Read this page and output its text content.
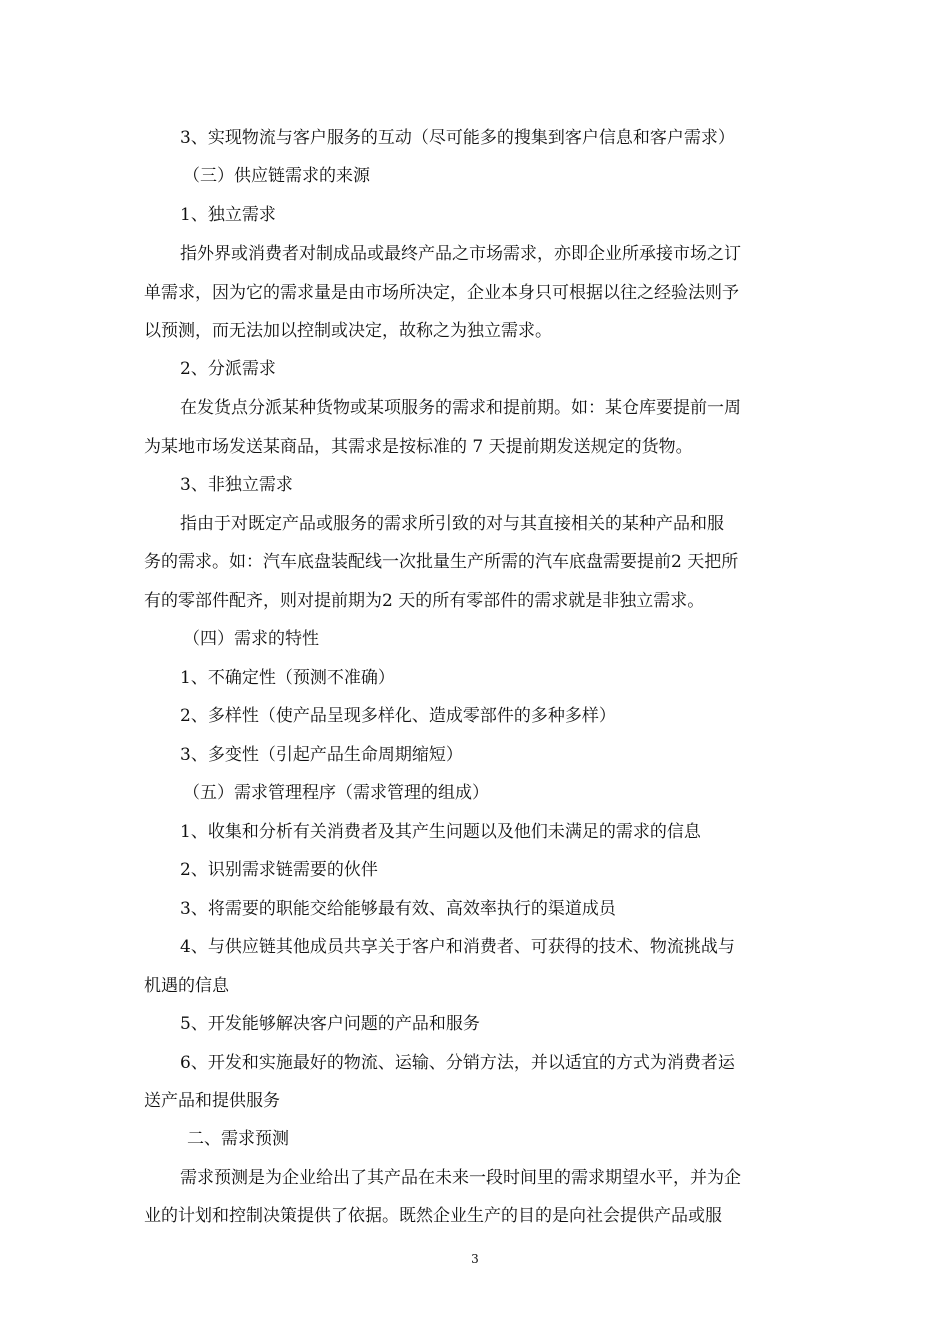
3、实现物流与客户服务的互动（尽可能多的搜集到客户信息和客户需求）
（三）供应链需求的来源
1、独立需求
指外界或消费者对制成品或最终产品之市场需求，亦即企业所承接市场之订
单需求，因为它的需求量是由市场所决定，企业本身只可根据以往之经验法则予
以预测，而无法加以控制或决定，故称之为独立需求。
2、分派需求
在发货点分派某种货物或某项服务的需求和提前期。如：某仓库要提前一周
为某地市场发送某商品，其需求是按标准的 7 天提前期发送规定的货物。
3、非独立需求
指由于对既定产品或服务的需求所引致的对与其直接相关的某种产品和服
务的需求。如：汽车底盘装配线一次批量生产所需的汽车底盘需要提前2 天把所
有的零部件配齐，则对提前期为2 天的所有零部件的需求就是非独立需求。
（四）需求的特性
1、不确定性（预测不准确）
2、多样性（使产品呈现多样化、造成零部件的多种多样）
3、多变性（引起产品生命周期缩短）
（五）需求管理程序（需求管理的组成）
1、收集和分析有关消费者及其产生问题以及他们未满足的需求的信息
2、识别需求链需要的伙伴
3、将需要的职能交给能够最有效、高效率执行的渠道成员
4、与供应链其他成员共享关于客户和消费者、可获得的技术、物流挑战与
机遇的信息
5、开发能够解决客户问题的产品和服务
6、开发和实施最好的物流、运输、分销方法，并以适宜的方式为消费者运
送产品和提供服务
二、需求预测
需求预测是为企业给出了其产品在未来一段时间里的需求期望水平，并为企
业的计划和控制决策提供了依据。既然企业生产的目的是向社会提供产品或服
3
